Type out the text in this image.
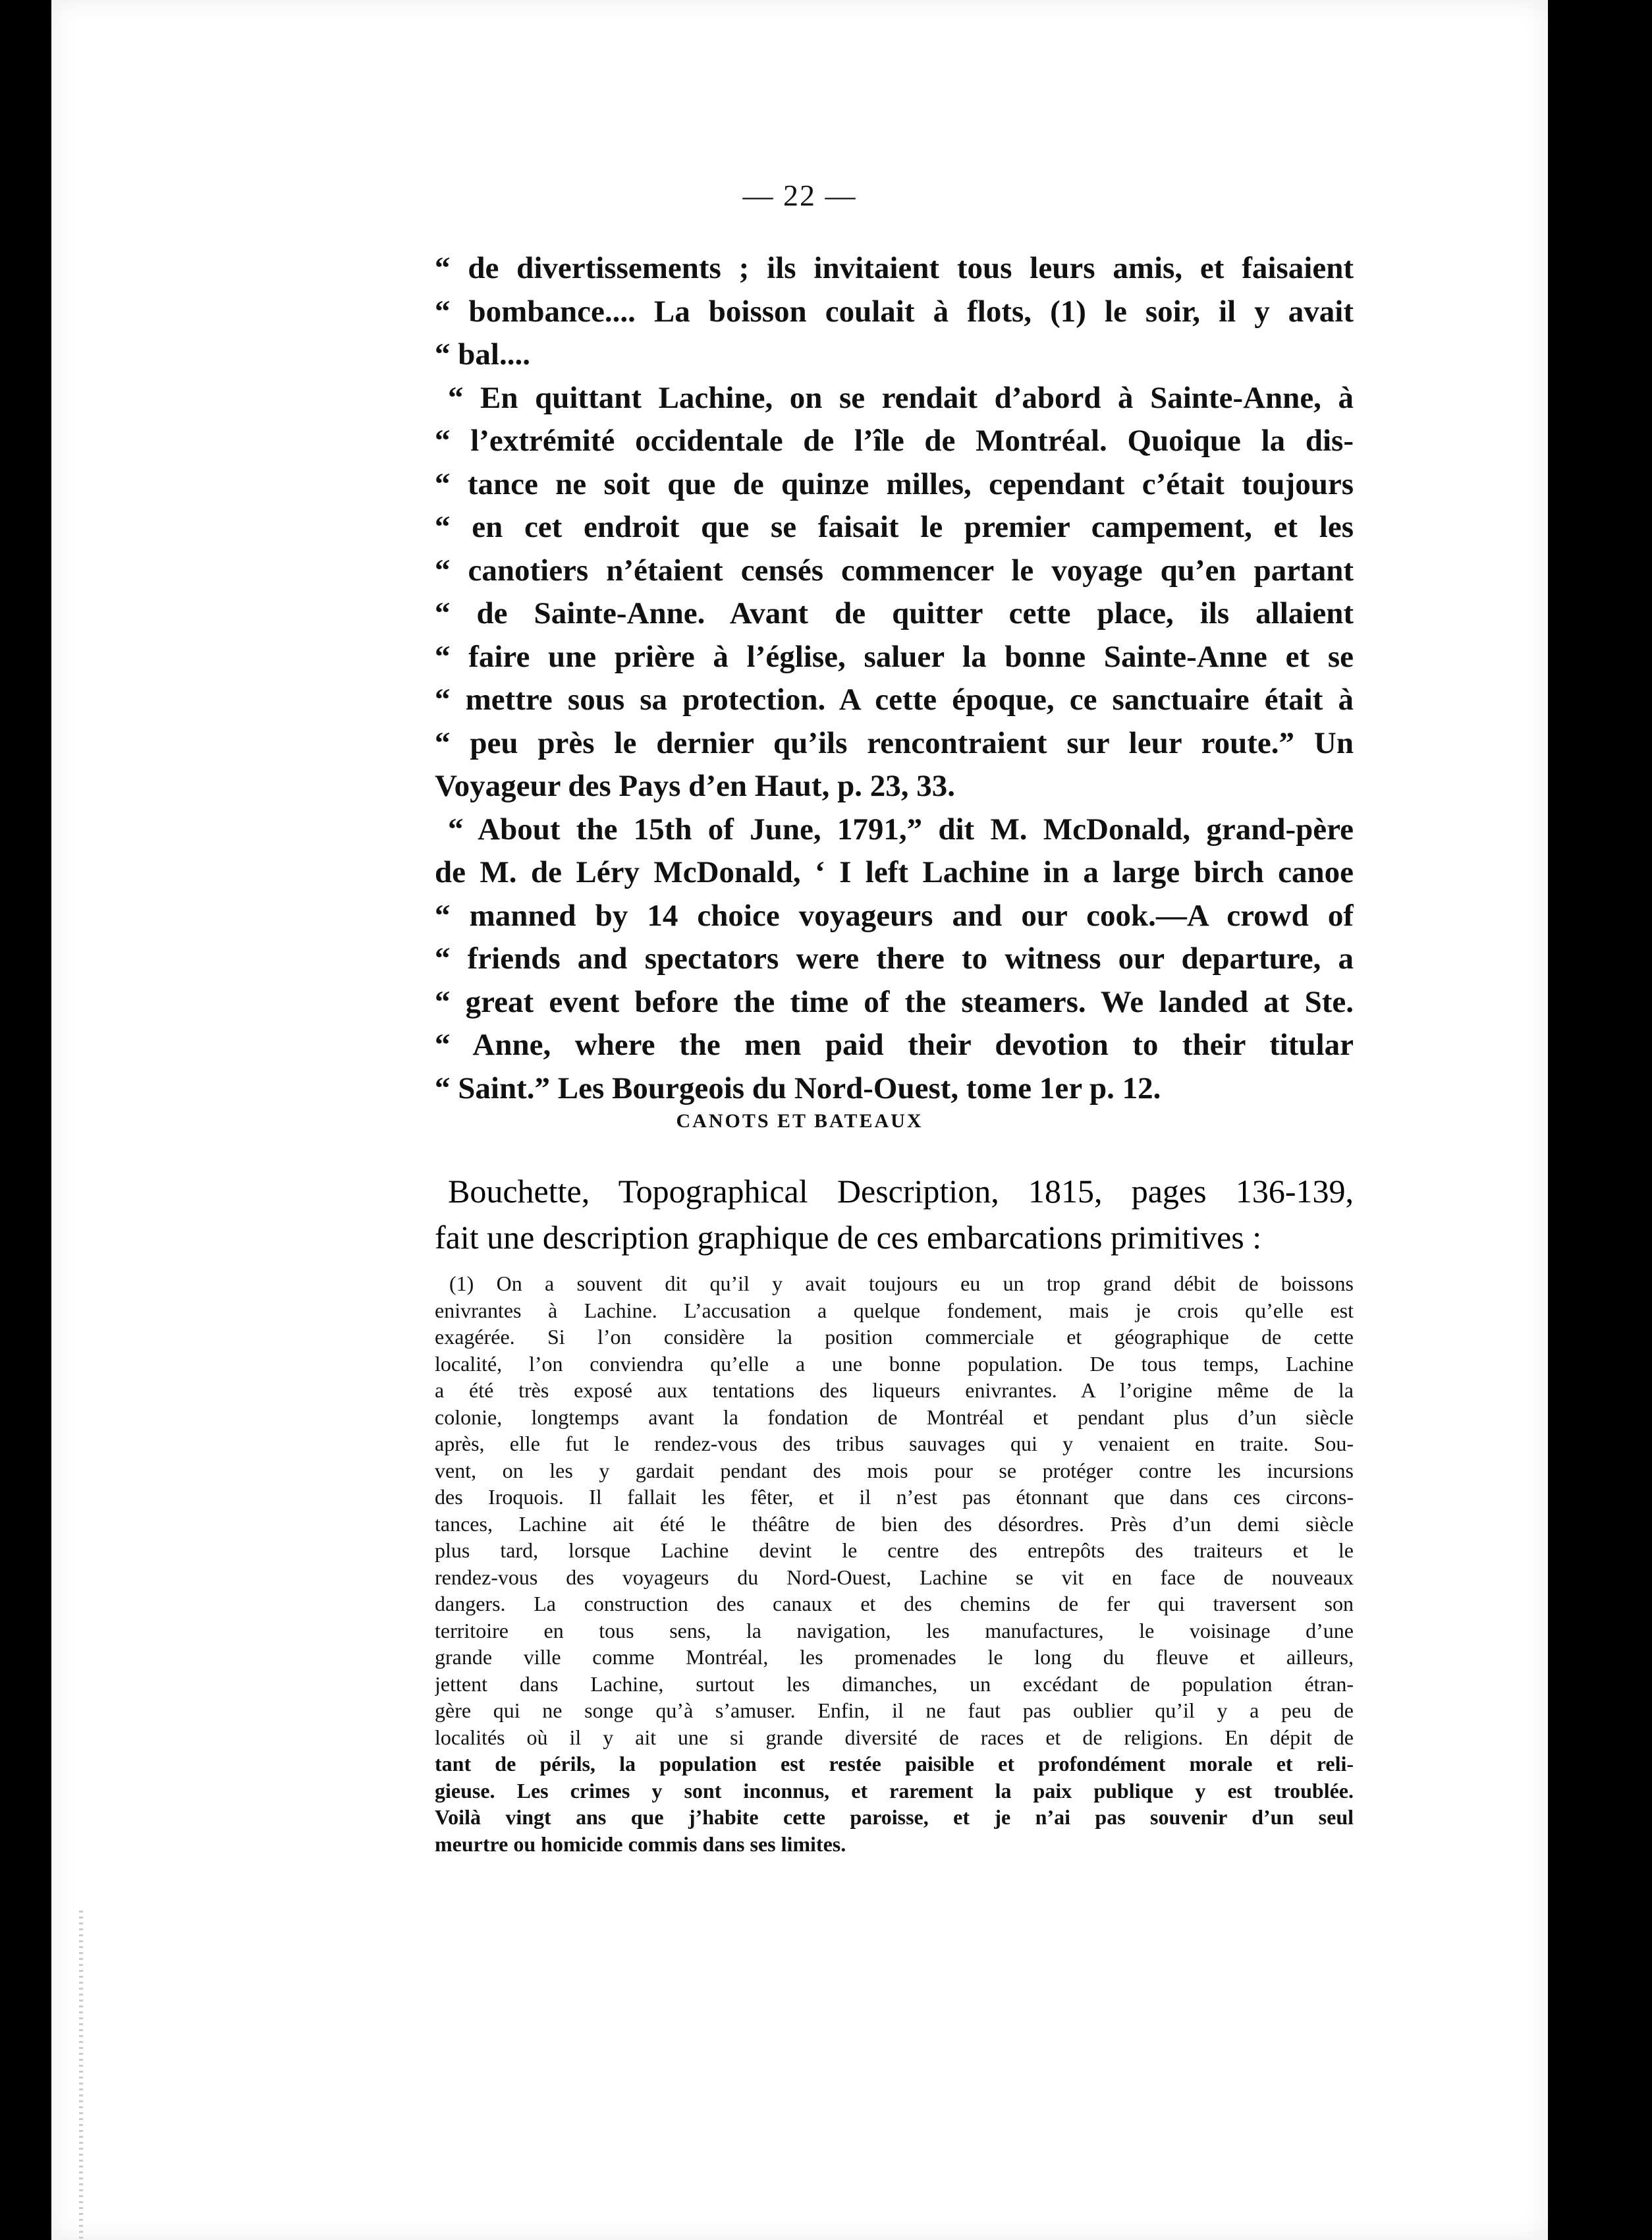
— 22 —
CANOTS ET BATEAUX
“ de divertissements ; ils invitaient tous leurs amis, et faisaient
“ bombance.... La boisson coulait à flots, (1) le soir, il y avait
“ bal....
“ En quittant Lachine, on se rendait d’abord à Sainte-Anne, à
“ l’extrémité occidentale de l’île de Montréal. Quoique la dis-
“ tance ne soit que de quinze milles, cependant c’était toujours
“ en cet endroit que se faisait le premier campement, et les
“ canotiers n’étaient censés commencer le voyage qu’en partant
“ de Sainte-Anne. Avant de quitter cette place, ils allaient
“ faire une prière à l’église, saluer la bonne Sainte-Anne et se
“ mettre sous sa protection. A cette époque, ce sanctuaire était à
“ peu près le dernier qu’ils rencontraient sur leur route.” Un
Voyageur des Pays d’en Haut, p. 23, 33.
“ About the 15th of June, 1791,” dit M. McDonald, grand-père
de M. de Léry McDonald, ‘ I left Lachine in a large birch canoe
“ manned by 14 choice voyageurs and our cook.—A crowd of
“ friends and spectators were there to witness our departure, a
“ great event before the time of the steamers. We landed at Ste.
“ Anne, where the men paid their devotion to their titular
“ Saint.” Les Bourgeois du Nord-Ouest, tome 1er p. 12.
Bouchette, Topographical Description, 1815, pages 136-139,
fait une description graphique de ces embarcations primitives :
(1) On a souvent dit qu’il y avait toujours eu un trop grand débit de boissons
enivrantes à Lachine. L’accusation a quelque fondement, mais je crois qu’elle est
exagérée. Si l’on considère la position commerciale et géographique de cette
localité, l’on conviendra qu’elle a une bonne population. De tous temps, Lachine
a été très exposé aux tentations des liqueurs enivrantes. A l’origine même de la
colonie, longtemps avant la fondation de Montréal et pendant plus d’un siècle
après, elle fut le rendez-vous des tribus sauvages qui y venaient en traite. Sou-
vent, on les y gardait pendant des mois pour se protéger contre les incursions
des Iroquois. Il fallait les fêter, et il n’est pas étonnant que dans ces circons-
tances, Lachine ait été le théâtre de bien des désordres. Près d’un demi siècle
plus tard, lorsque Lachine devint le centre des entrepôts des traiteurs et le
rendez-vous des voyageurs du Nord-Ouest, Lachine se vit en face de nouveaux
dangers. La construction des canaux et des chemins de fer qui traversent son
territoire en tous sens, la navigation, les manufactures, le voisinage d’une
grande ville comme Montréal, les promenades le long du fleuve et ailleurs,
jettent dans Lachine, surtout les dimanches, un excédant de population étran-
gère qui ne songe qu’à s’amuser. Enfin, il ne faut pas oublier qu’il y a peu de
localités où il y ait une si grande diversité de races et de religions. En dépit de
tant de périls, la population est restée paisible et profondément morale et reli-
gieuse. Les crimes y sont inconnus, et rarement la paix publique y est troublée.
Voilà vingt ans que j’habite cette paroisse, et je n’ai pas souvenir d’un seul
meurtre ou homicide commis dans ses limites.
